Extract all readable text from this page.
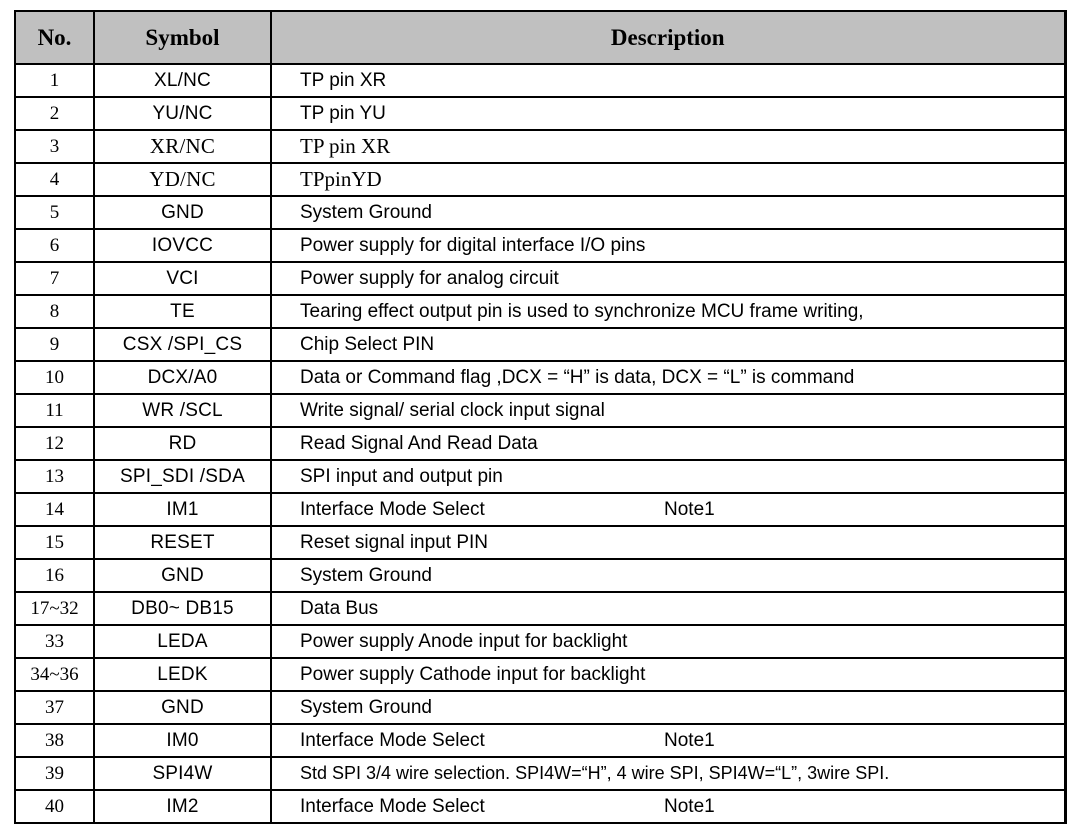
No.	Symbol	Description
1	XL/NC	TP pin XR
2	YU/NC	TP pin YU
3	XR/NC	TP pin XR
4	YD/NC	TPpinYD
5	GND	System Ground
6	IOVCC	Power supply for digital interface I/O pins
7	VCI	Power supply for analog circuit
8	TE	Tearing effect output pin is used to synchronize MCU frame writing,
9	CSX /SPI_CS	Chip Select PIN
10	DCX/A0	Data or Command flag ,DCX = “H” is data, DCX = “L” is command
11	WR /SCL	Write signal/ serial clock input signal
12	RD	Read Signal And Read Data
13	SPI_SDI /SDA	SPI input and output pin
14	IM1	Interface Mode Select Note1

15	RESET	Reset signal input PIN
16	GND	System Ground
17~32	DB0~ DB15	Data Bus
33	LEDA	Power supply Anode input for backlight
34~36	LEDK	Power supply Cathode input for backlight
37	GND	System Ground
38	IM0	Interface Mode Select Note1

39	SPI4W	Std SPI 3/4 wire selection. SPI4W=“H”, 4 wire SPI, SPI4W=“L”, 3wire SPI.
40	IM2	Interface Mode Select Note1
